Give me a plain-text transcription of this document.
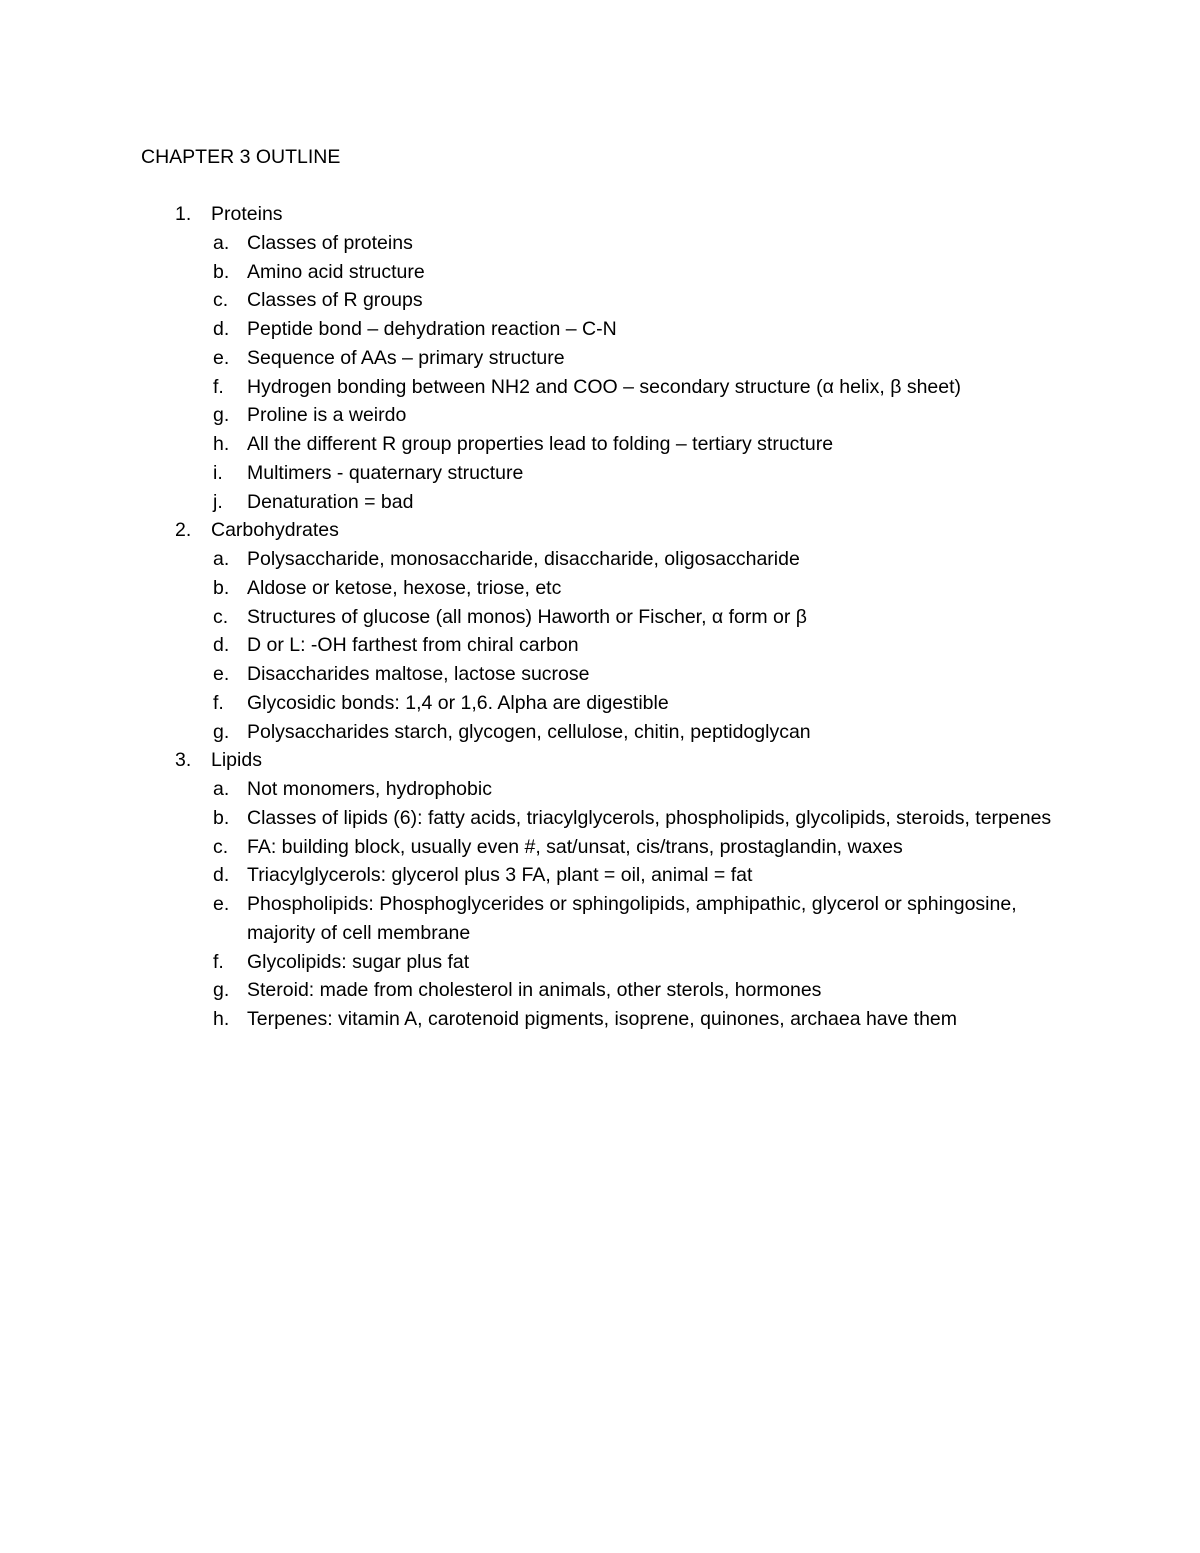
CHAPTER 3 OUTLINE
1. Proteins
a. Classes of proteins
b. Amino acid structure
c. Classes of R groups
d. Peptide bond – dehydration reaction – C-N
e. Sequence of AAs – primary structure
f. Hydrogen bonding between NH2 and COO – secondary structure (α helix, β sheet)
g. Proline is a weirdo
h. All the different R group properties lead to folding – tertiary structure
i. Multimers - quaternary structure
j. Denaturation = bad
2. Carbohydrates
a. Polysaccharide, monosaccharide, disaccharide, oligosaccharide
b. Aldose or ketose, hexose, triose, etc
c. Structures of glucose (all monos) Haworth or Fischer, α form or β
d. D or L: -OH farthest from chiral carbon
e. Disaccharides maltose, lactose sucrose
f. Glycosidic bonds: 1,4 or 1,6. Alpha are digestible
g. Polysaccharides starch, glycogen, cellulose, chitin, peptidoglycan
3. Lipids
a. Not monomers, hydrophobic
b. Classes of lipids (6): fatty acids, triacylglycerols, phospholipids, glycolipids, steroids, terpenes
c. FA: building block, usually even #, sat/unsat, cis/trans, prostaglandin, waxes
d. Triacylglycerols: glycerol plus 3 FA, plant = oil, animal = fat
e. Phospholipids: Phosphoglycerides or sphingolipids, amphipathic, glycerol or sphingosine, majority of cell membrane
f. Glycolipids: sugar plus fat
g. Steroid: made from cholesterol in animals, other sterols, hormones
h. Terpenes: vitamin A, carotenoid pigments, isoprene, quinones, archaea have them
